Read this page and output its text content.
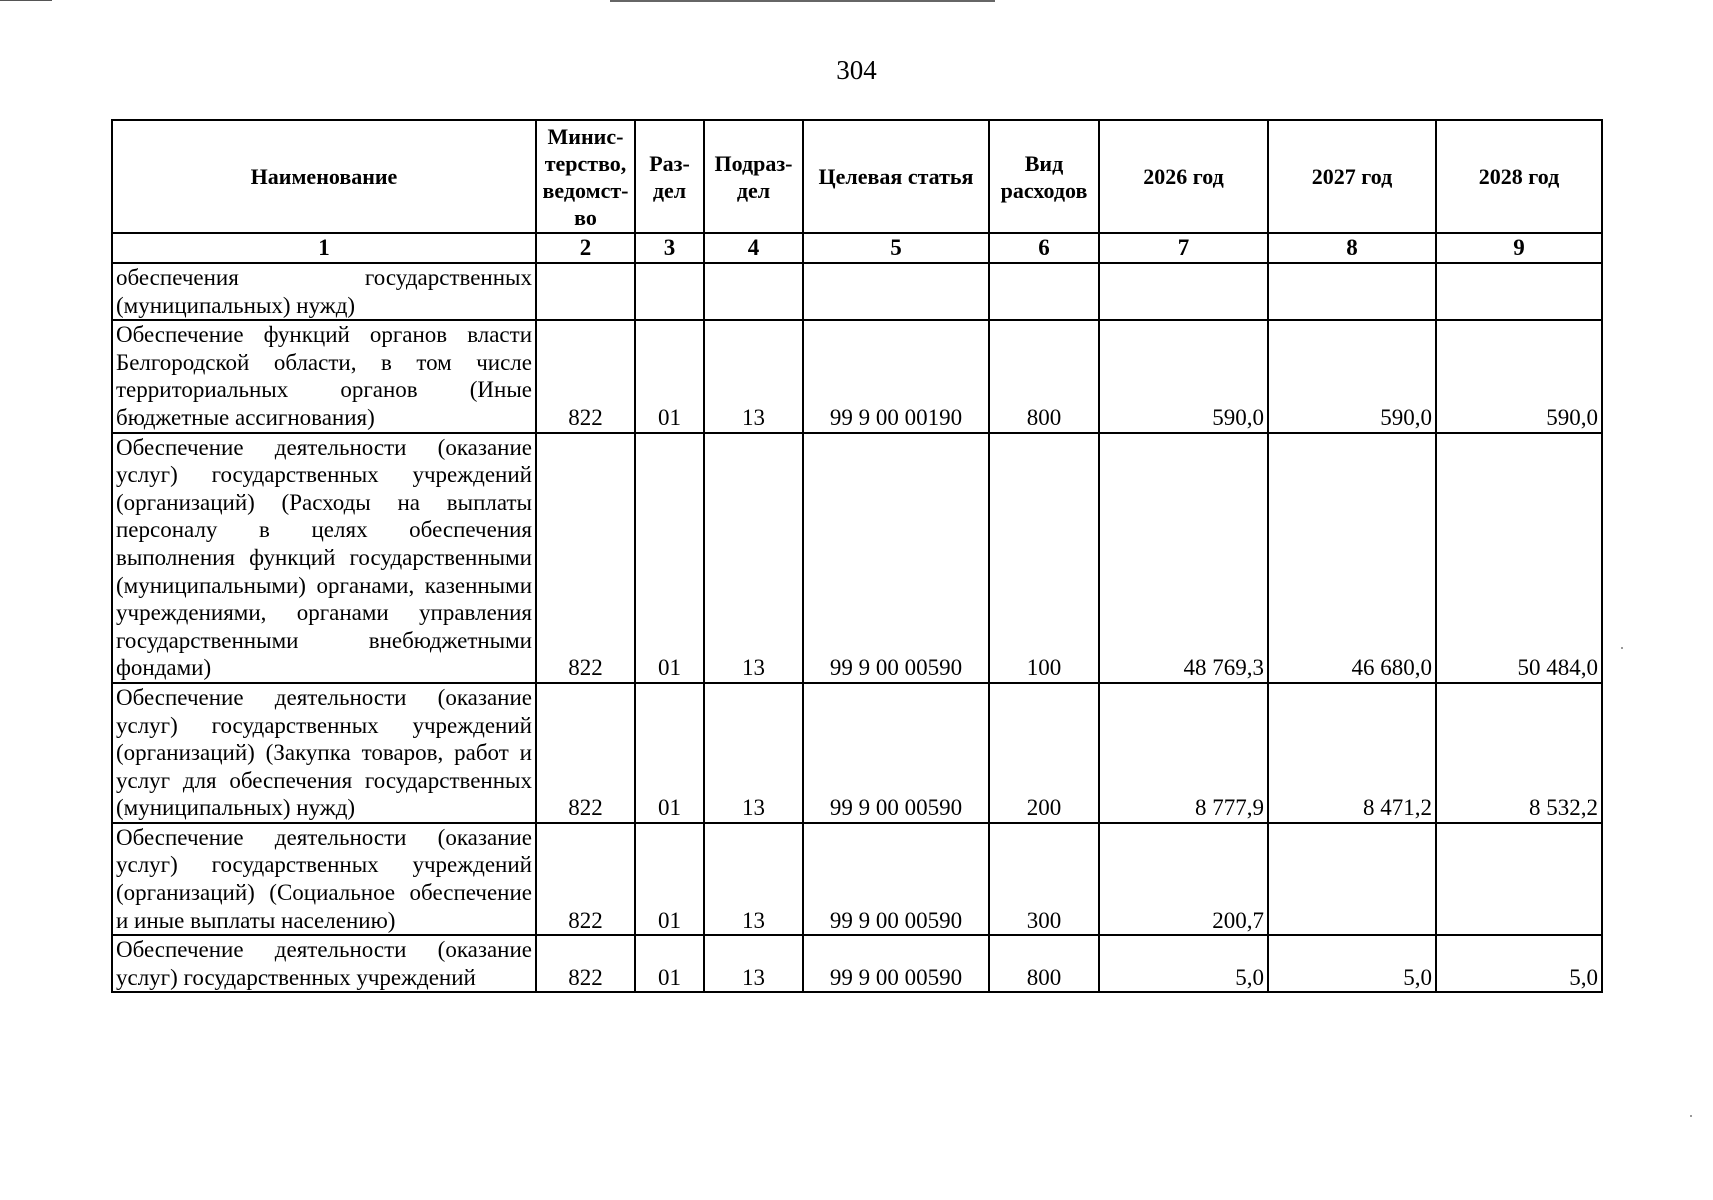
304
Наименование	Минис-терство, ведомст-во	Раз-дел	Подраз-дел	Целевая статья	Вид расходов	2026 год	2027 год	2028 год
1	2	3	4	5	6	7	8	9
обеспечения государственных (муниципальных) нужд)								
Обеспечение функций органов власти Белгородской области, в том числе территориальных органов (Иные бюджетные ассигнования)	822	01	13	99 9 00 00190	800	590,0	590,0	590,0
Обеспечение деятельности (оказание услуг) государственных учреждений (организаций) (Расходы на выплаты персоналу в целях обеспечения выполнения функций государственными (муниципальными) органами, казенными учреждениями, органами управления государственными внебюджетными фондами)	822	01	13	99 9 00 00590	100	48 769,3	46 680,0	50 484,0
Обеспечение деятельности (оказание услуг) государственных учреждений (организаций) (Закупка товаров, работ и услуг для обеспечения государственных (муниципальных) нужд)	822	01	13	99 9 00 00590	200	8 777,9	8 471,2	8 532,2
Обеспечение деятельности (оказание услуг) государственных учреждений (организаций) (Социальное обеспечение и иные выплаты населению)	822	01	13	99 9 00 00590	300	200,7		
Обеспечение деятельности (оказание услуг) государственных учреждений	822	01	13	99 9 00 00590	800	5,0	5,0	5,0
